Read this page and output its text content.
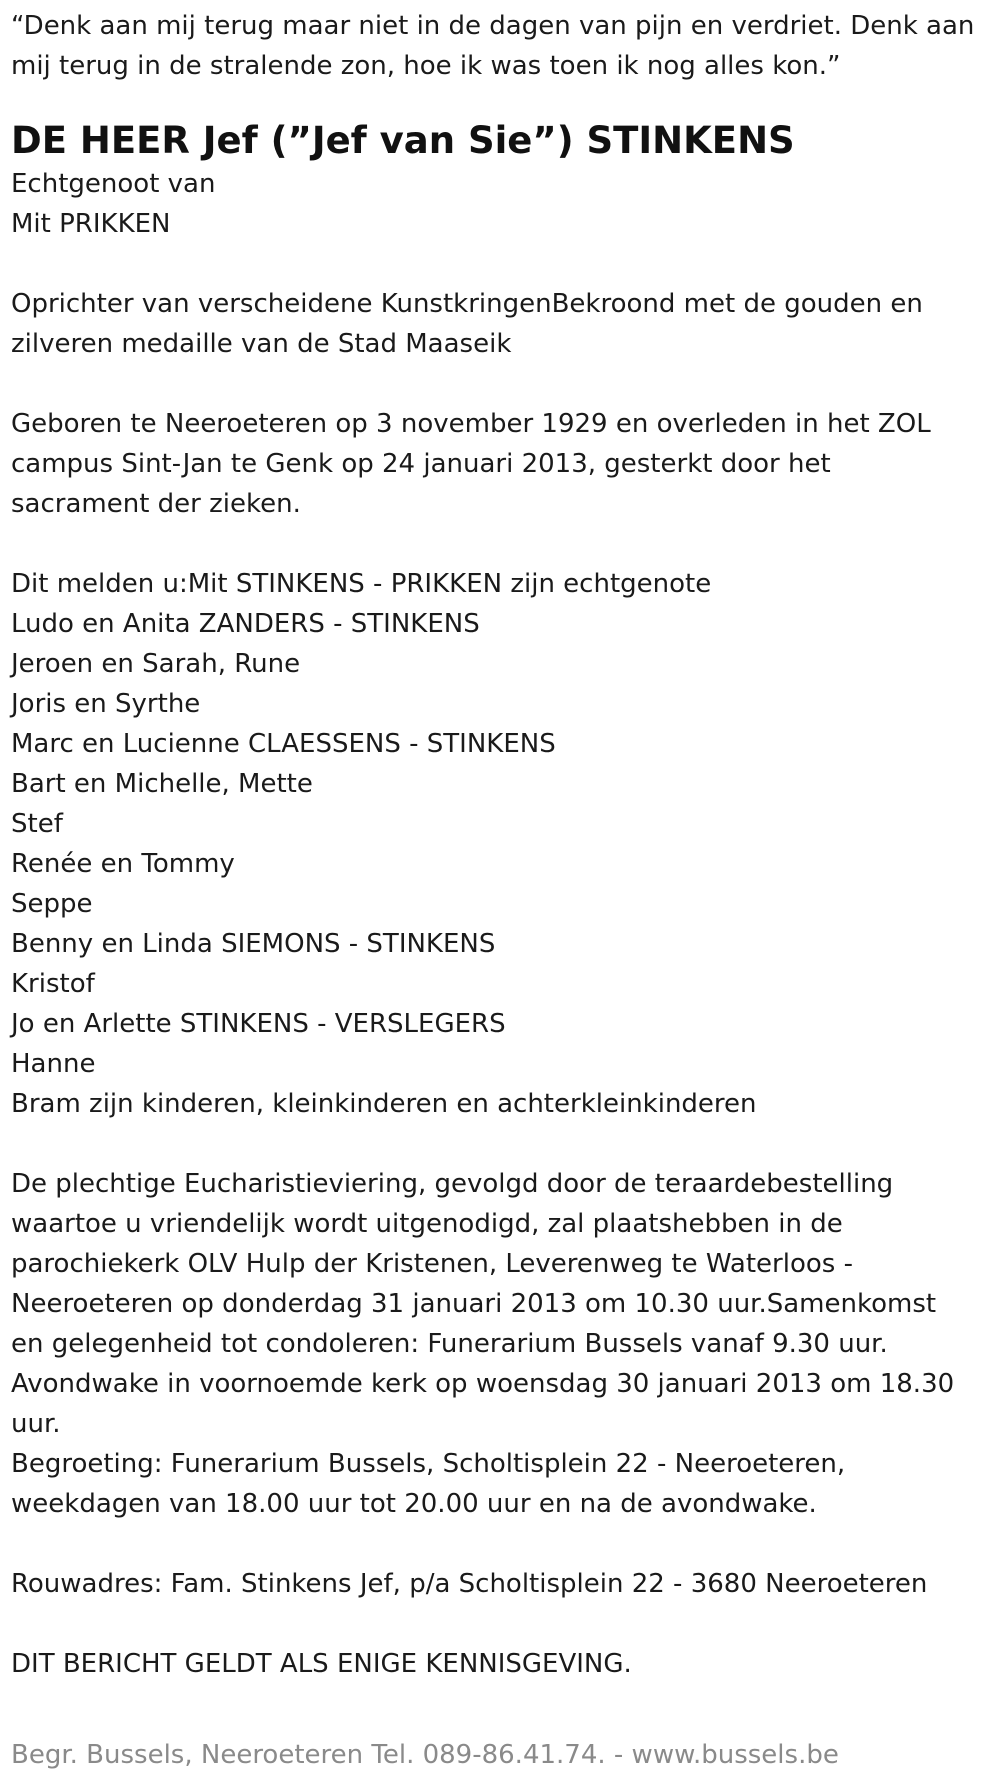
“Denk aan mij terug maar niet in de dagen van pijn en verdriet. Denk aan
mij terug in de stralende zon, hoe ik was toen ik nog alles kon.”
DE HEER Jef (”Jef van Sie”) STINKENS
Echtgenoot van
Mit PRIKKEN
Oprichter van verscheidene KunstkringenBekroond met de gouden en
zilveren medaille van de Stad Maaseik
Geboren te Neeroeteren op 3 november 1929 en overleden in het ZOL
campus Sint-Jan te Genk op 24 januari 2013, gesterkt door het
sacrament der zieken.
Dit melden u:Mit STINKENS - PRIKKEN zijn echtgenote
Ludo en Anita ZANDERS - STINKENS
Jeroen en Sarah, Rune
Joris en Syrthe
Marc en Lucienne CLAESSENS - STINKENS
Bart en Michelle, Mette
Stef
Renée en Tommy
Seppe
Benny en Linda SIEMONS - STINKENS
Kristof
Jo en Arlette STINKENS - VERSLEGERS
Hanne
Bram zijn kinderen, kleinkinderen en achterkleinkinderen
De plechtige Eucharistieviering, gevolgd door de teraardebestelling
waartoe u vriendelijk wordt uitgenodigd, zal plaatshebben in de
parochiekerk OLV Hulp der Kristenen, Leverenweg te Waterloos -
Neeroeteren op donderdag 31 januari 2013 om 10.30 uur.Samenkomst
en gelegenheid tot condoleren: Funerarium Bussels vanaf 9.30 uur.
Avondwake in voornoemde kerk op woensdag 30 januari 2013 om 18.30
uur.
Begroeting: Funerarium Bussels, Scholtisplein 22 - Neeroeteren,
weekdagen van 18.00 uur tot 20.00 uur en na de avondwake.
Rouwadres: Fam. Stinkens Jef, p/a Scholtisplein 22 - 3680 Neeroeteren
DIT BERICHT GELDT ALS ENIGE KENNISGEVING.
Begr. Bussels, Neeroeteren Tel. 089-86.41.74. - www.bussels.be
